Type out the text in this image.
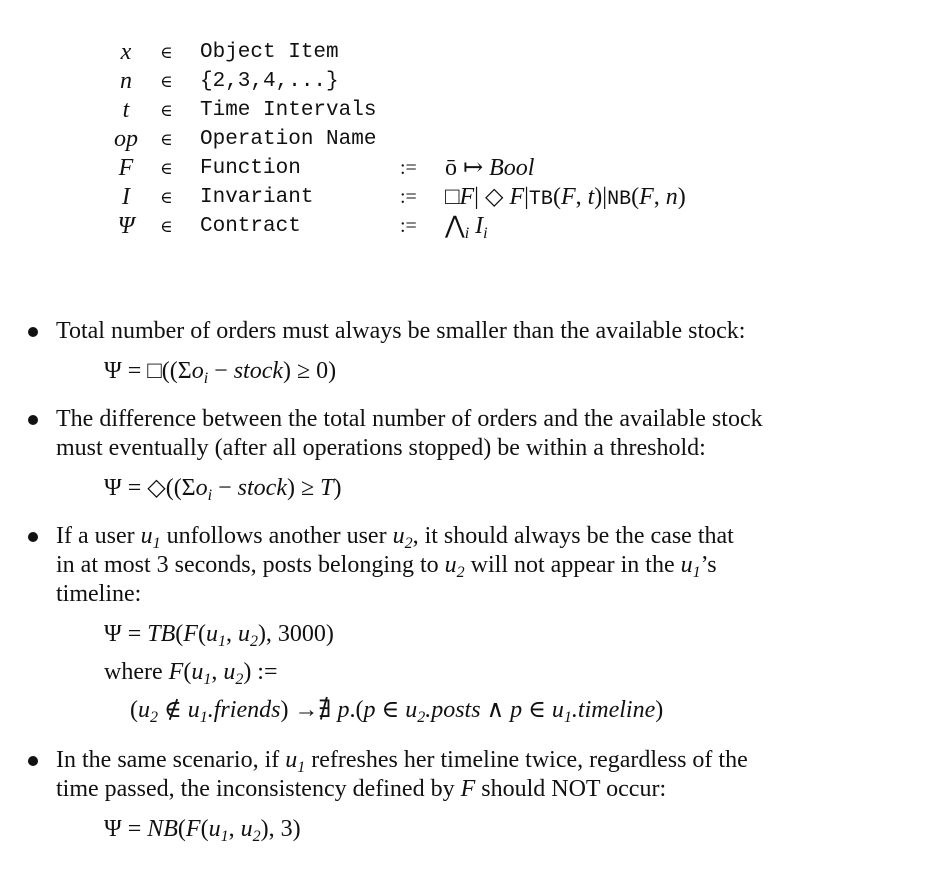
x	∈ Object Item
n	∈ {2,3,4,...}
t	∈ Time Intervals
op	∈ Operation Name
F	∈ Function	:= ō ↦ Bool
I	∈ Invariant	:= □F| ◇ F|TB(F, t)|NB(F, n)
Ψ	∈ Contract	:= $⋀_i$ $I_i$
Total number of orders must always be smaller than the available stock:
$\Psi = □((\Sigma o_i$ − stock) ≥ 0)
The difference between the total number of orders and the available stock
must eventually (after all operations stopped) be within a threshold:
$\Psi = ◇((\Sigma o_i$ − stock) ≥ T)
If a user $u_1$ unfollows another user $u_2$, it should always be the case that
in at most 3 seconds, posts belonging to $u_2$ will not appear in the $u_1’s$
timeline:
$\Psi = TB(F(u_1$, $u_2$), 3000)
where $F(u_1$, $u_2$) :=
($u_2$ ∉ $u_1.friends$) →∄ p.(p ∈ $u_2.posts$ ∧ p ∈ $u_1.timeline$)
In the same scenario, if $u_1$ refreshes her timeline twice, regardless of the
time passed, the inconsistency defined by F should NOT occur:
$\Psi = NB(F(u_1$, $u_2$), 3)
